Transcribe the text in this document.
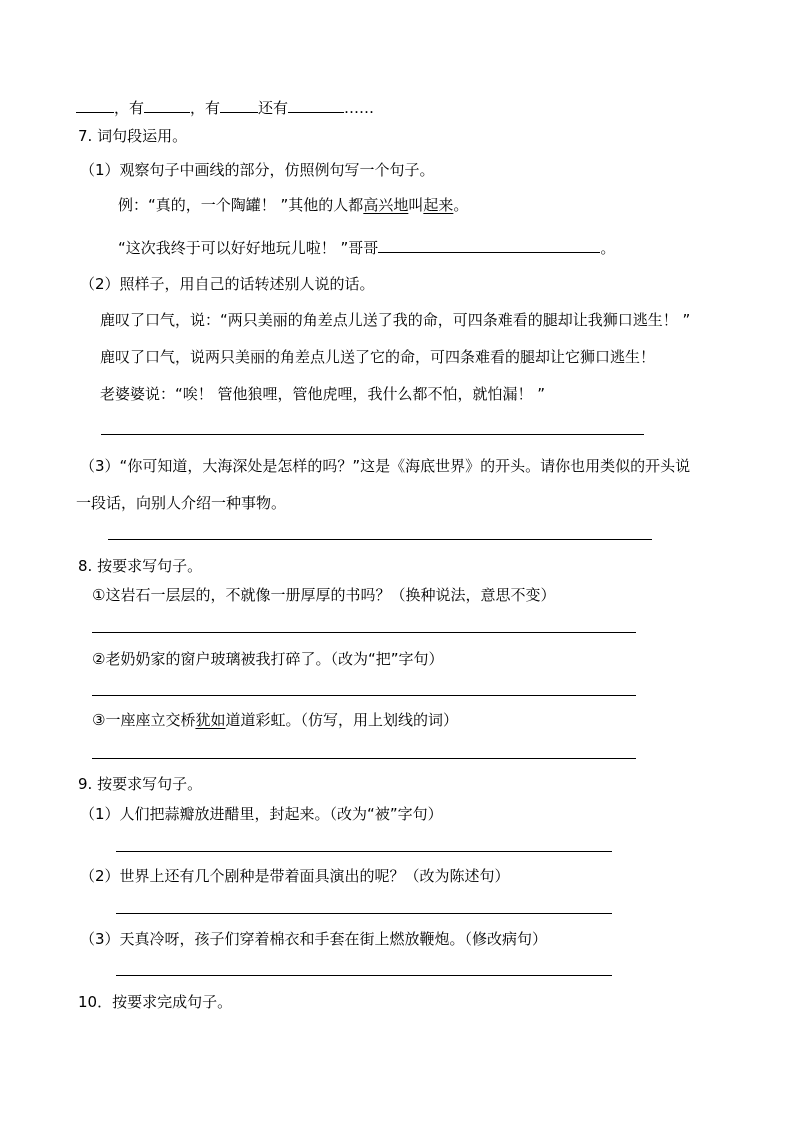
，有	，有	还有	……
7. 词句段运用。
（1）观察句子中画线的部分，仿照例句写一个句子。
例：“真的，一个陶罐！ ”其他的人都高兴地叫起来。
“这次我终于可以好好地玩儿啦！ ”哥哥	。
（2）照样子，用自己的话转述别人说的话。
鹿叹了口气，说：“两只美丽的角差点儿送了我的命，可四条难看的腿却让我狮口逃生！ ”
鹿叹了口气，说两只美丽的角差点儿送了它的命，可四条难看的腿却让它狮口逃生！
老婆婆说：“唉！ 管他狼哩，管他虎哩，我什么都不怕，就怕漏！ ”
（3）“你可知道，大海深处是怎样的吗？”这是《海底世界》的开头。请你也用类似的开头说
一段话，向别人介绍一种事物。
8. 按要求写句子。
①这岩石一层层的，不就像一册厚厚的书吗？（换种说法，意思不变）
②老奶奶家的窗户玻璃被我打碎了。（改为“把”字句）
③一座座立交桥犹如道道彩虹。（仿写，用上划线的词）
9. 按要求写句子。
（1）人们把蒜瓣放进醋里，封起来。（改为“被”字句）
（2）世界上还有几个剧种是带着面具演出的呢？（改为陈述句）
（3）天真冷呀，孩子们穿着棉衣和手套在街上燃放鞭炮。（修改病句）
10．按要求完成句子。
